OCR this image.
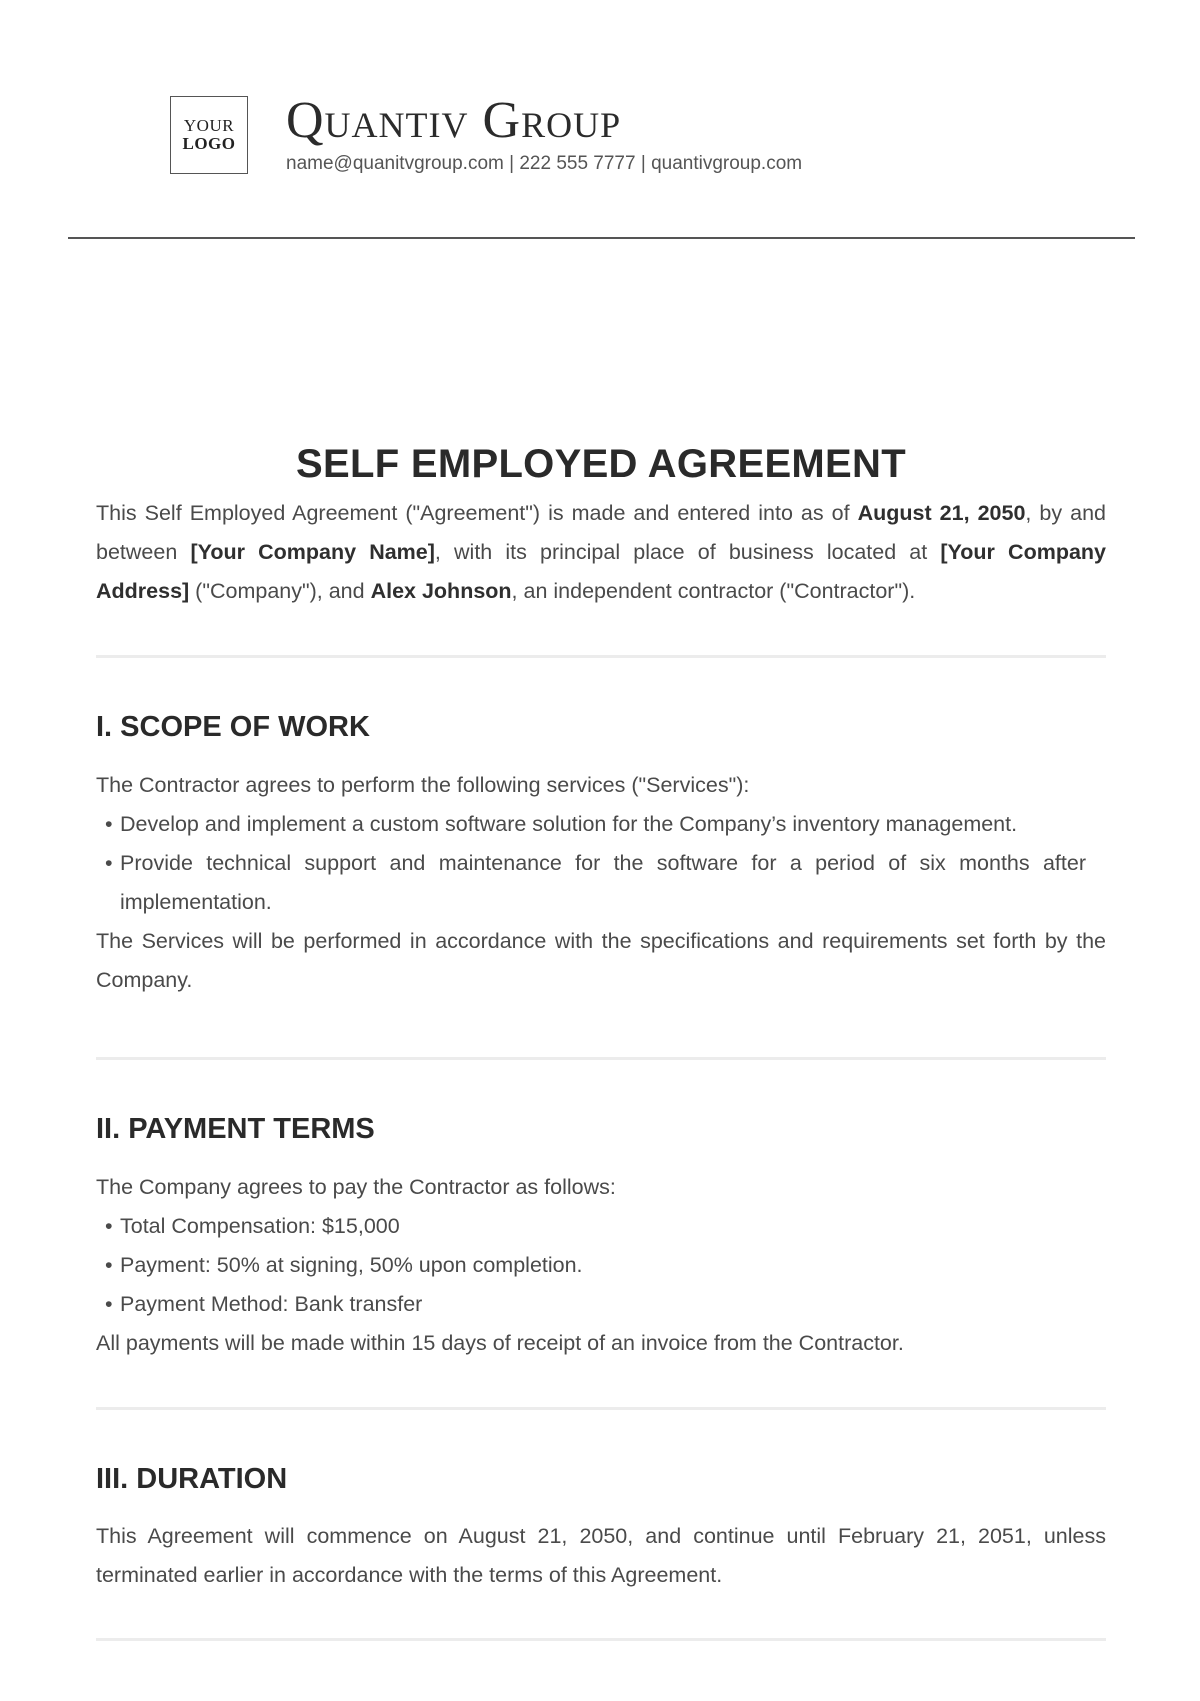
YOUR
LOGO Quantiv Group
name@quanitvgroup.com | 222 555 7777 | quantivgroup.com
SELF EMPLOYED AGREEMENT

This Self Employed Agreement ("Agreement") is made and entered into as of August 21, 2050, by and between [Your Company Name], with its principal place of business located at [Your Company Address] ("Company"), and Alex Johnson, an independent contractor ("Contractor").

I. SCOPE OF WORK

The Contractor agrees to perform the following services ("Services"):

• Develop and implement a custom software solution for the Company’s inventory management.
• Provide technical support and maintenance for the software for a period of six months after implementation.

The Services will be performed in accordance with the specifications and requirements set forth by the Company.

II. PAYMENT TERMS

The Company agrees to pay the Contractor as follows:

• Total Compensation: $15,000
• Payment: 50% at signing, 50% upon completion.
• Payment Method: Bank transfer

All payments will be made within 15 days of receipt of an invoice from the Contractor.

III. DURATION

This Agreement will commence on August 21, 2050, and continue until February 21, 2051, unless terminated earlier in accordance with the terms of this Agreement.
